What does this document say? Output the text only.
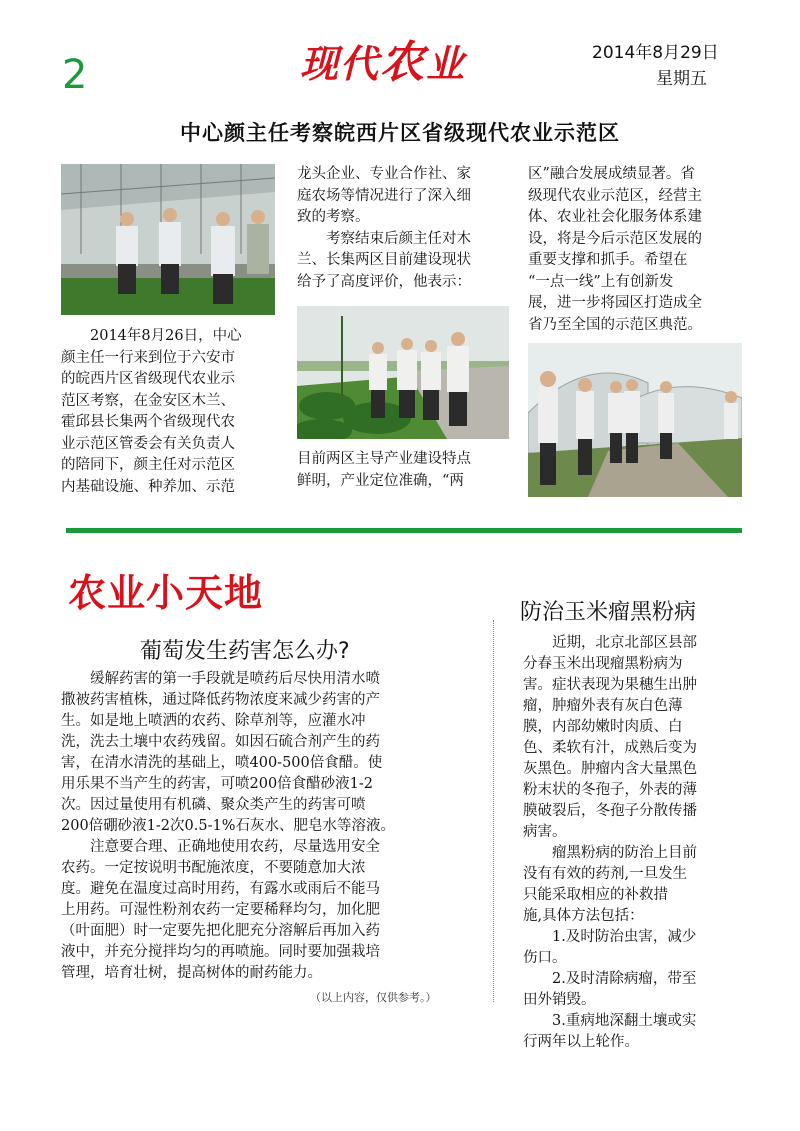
2	现代农业	2014年8月29日
星期五
中心颜主任考察皖西片区省级现代农业示范区

2014年8月26日，中心

颜主任一行来到位于六安市

的皖西片区省级现代农业示

范区考察，在金安区木兰、

霍邱县长集两个省级现代农

业示范区管委会有关负责人

的陪同下，颜主任对示范区

内基础设施、种养加、示范

龙头企业、专业合作社、家

庭农场等情况进行了深入细

致的考察。

考察结束后颜主任对木

兰、长集两区目前建设现状

给予了高度评价，他表示：

目前两区主导产业建设特点

鲜明，产业定位准确，“两

区”融合发展成绩显著。省

级现代农业示范区，经营主

体、农业社会化服务体系建

设，将是今后示范区发展的

重要支撑和抓手。希望在

“一点一线”上有创新发

展，进一步将园区打造成全

省乃至全国的示范区典范。

农业小天地
葡萄发生药害怎么办?

缓解药害的第一手段就是喷药后尽快用清水喷

撒被药害植株，通过降低药物浓度来减少药害的产

生。如是地上喷洒的农药、除草剂等，应灌水冲

洗，洗去土壤中农药残留。如因石硫合剂产生的药

害，在清水清洗的基础上，喷400-500倍食醋。使

用乐果不当产生的药害，可喷200倍食醋砂液1-2

次。因过量使用有机磷、聚众类产生的药害可喷

200倍硼砂液1-2次0.5-1%石灰水、肥皂水等溶液。

注意要合理、正确地使用农药，尽量选用安全

农药。一定按说明书配施浓度，不要随意加大浓

度。避免在温度过高时用药，有露水或雨后不能马

上用药。可湿性粉剂农药一定要稀释均匀，加化肥

（叶面肥）时一定要先把化肥充分溶解后再加入药

液中，并充分搅拌均匀的再喷施。同时要加强栽培

管理，培育壮树，提高树体的耐药能力。

（以上内容，仅供参考。）
防治玉米瘤黑粉病

近期，北京北部区县部

分春玉米出现瘤黑粉病为

害。症状表现为果穗生出肿

瘤，肿瘤外表有灰白色薄

膜，内部幼嫩时肉质、白

色、柔软有汁，成熟后变为

灰黑色。肿瘤内含大量黑色

粉末状的冬孢子，外表的薄

膜破裂后，冬孢子分散传播

病害。

瘤黑粉病的防治上目前

没有有效的药剂,一旦发生

只能采取相应的补救措

施,具体方法包括：

1.及时防治虫害，减少

伤口。

2.及时清除病瘤，带至

田外销毁。

3.重病地深翻土壤或实

行两年以上轮作。
